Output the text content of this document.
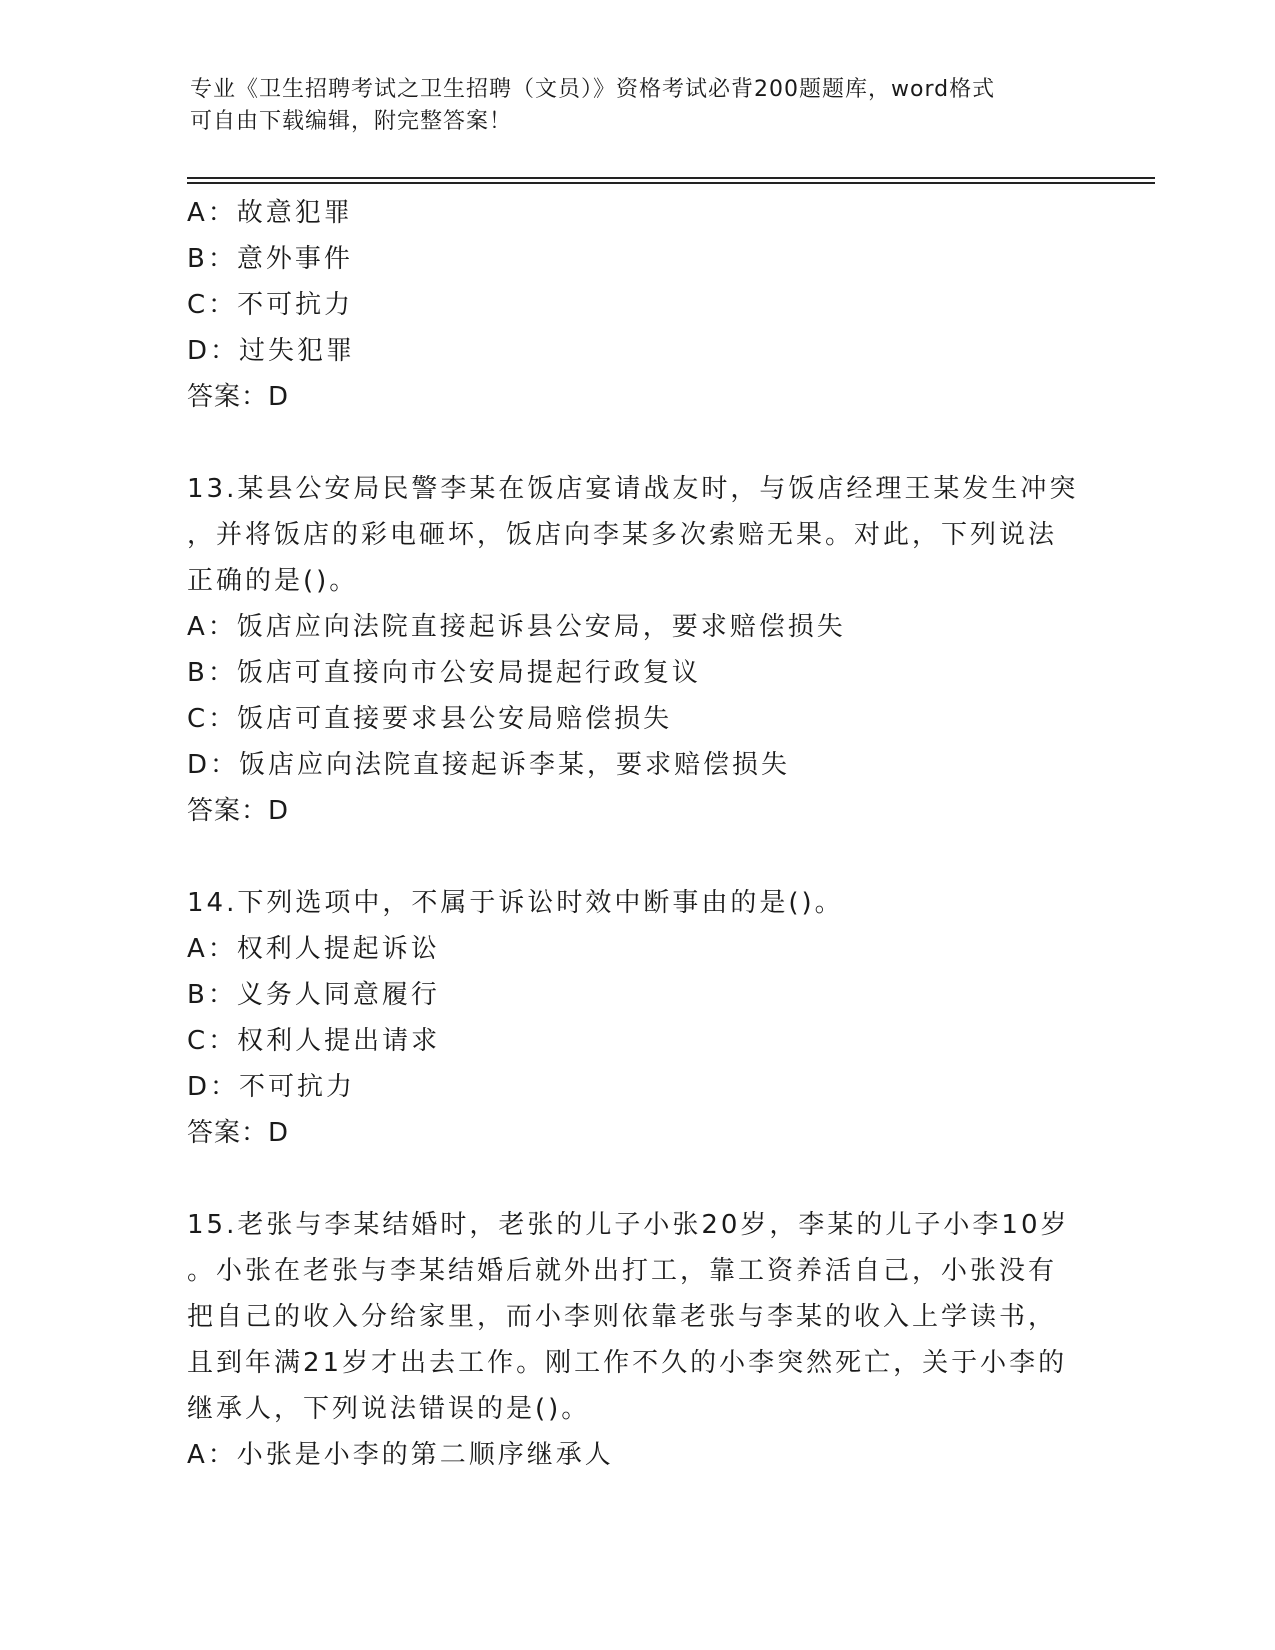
专业《卫生招聘考试之卫生招聘（文员）》资格考试必背200题题库，word格式
可自由下载编辑，附完整答案！
A：故意犯罪
B：意外事件
C：不可抗力
D：过失犯罪
答案：D
13.某县公安局民警李某在饭店宴请战友时，与饭店经理王某发生冲突
，并将饭店的彩电砸坏，饭店向李某多次索赔无果。对此，下列说法
正确的是()。
A：饭店应向法院直接起诉县公安局，要求赔偿损失
B：饭店可直接向市公安局提起行政复议
C：饭店可直接要求县公安局赔偿损失
D：饭店应向法院直接起诉李某，要求赔偿损失
答案：D
14.下列选项中，不属于诉讼时效中断事由的是()。
A：权利人提起诉讼
B：义务人同意履行
C：权利人提出请求
D：不可抗力
答案：D
15.老张与李某结婚时，老张的儿子小张20岁，李某的儿子小李10岁
。小张在老张与李某结婚后就外出打工，靠工资养活自己，小张没有
把自己的收入分给家里，而小李则依靠老张与李某的收入上学读书，
且到年满21岁才出去工作。刚工作不久的小李突然死亡，关于小李的
继承人，下列说法错误的是()。
A：小张是小李的第二顺序继承人
